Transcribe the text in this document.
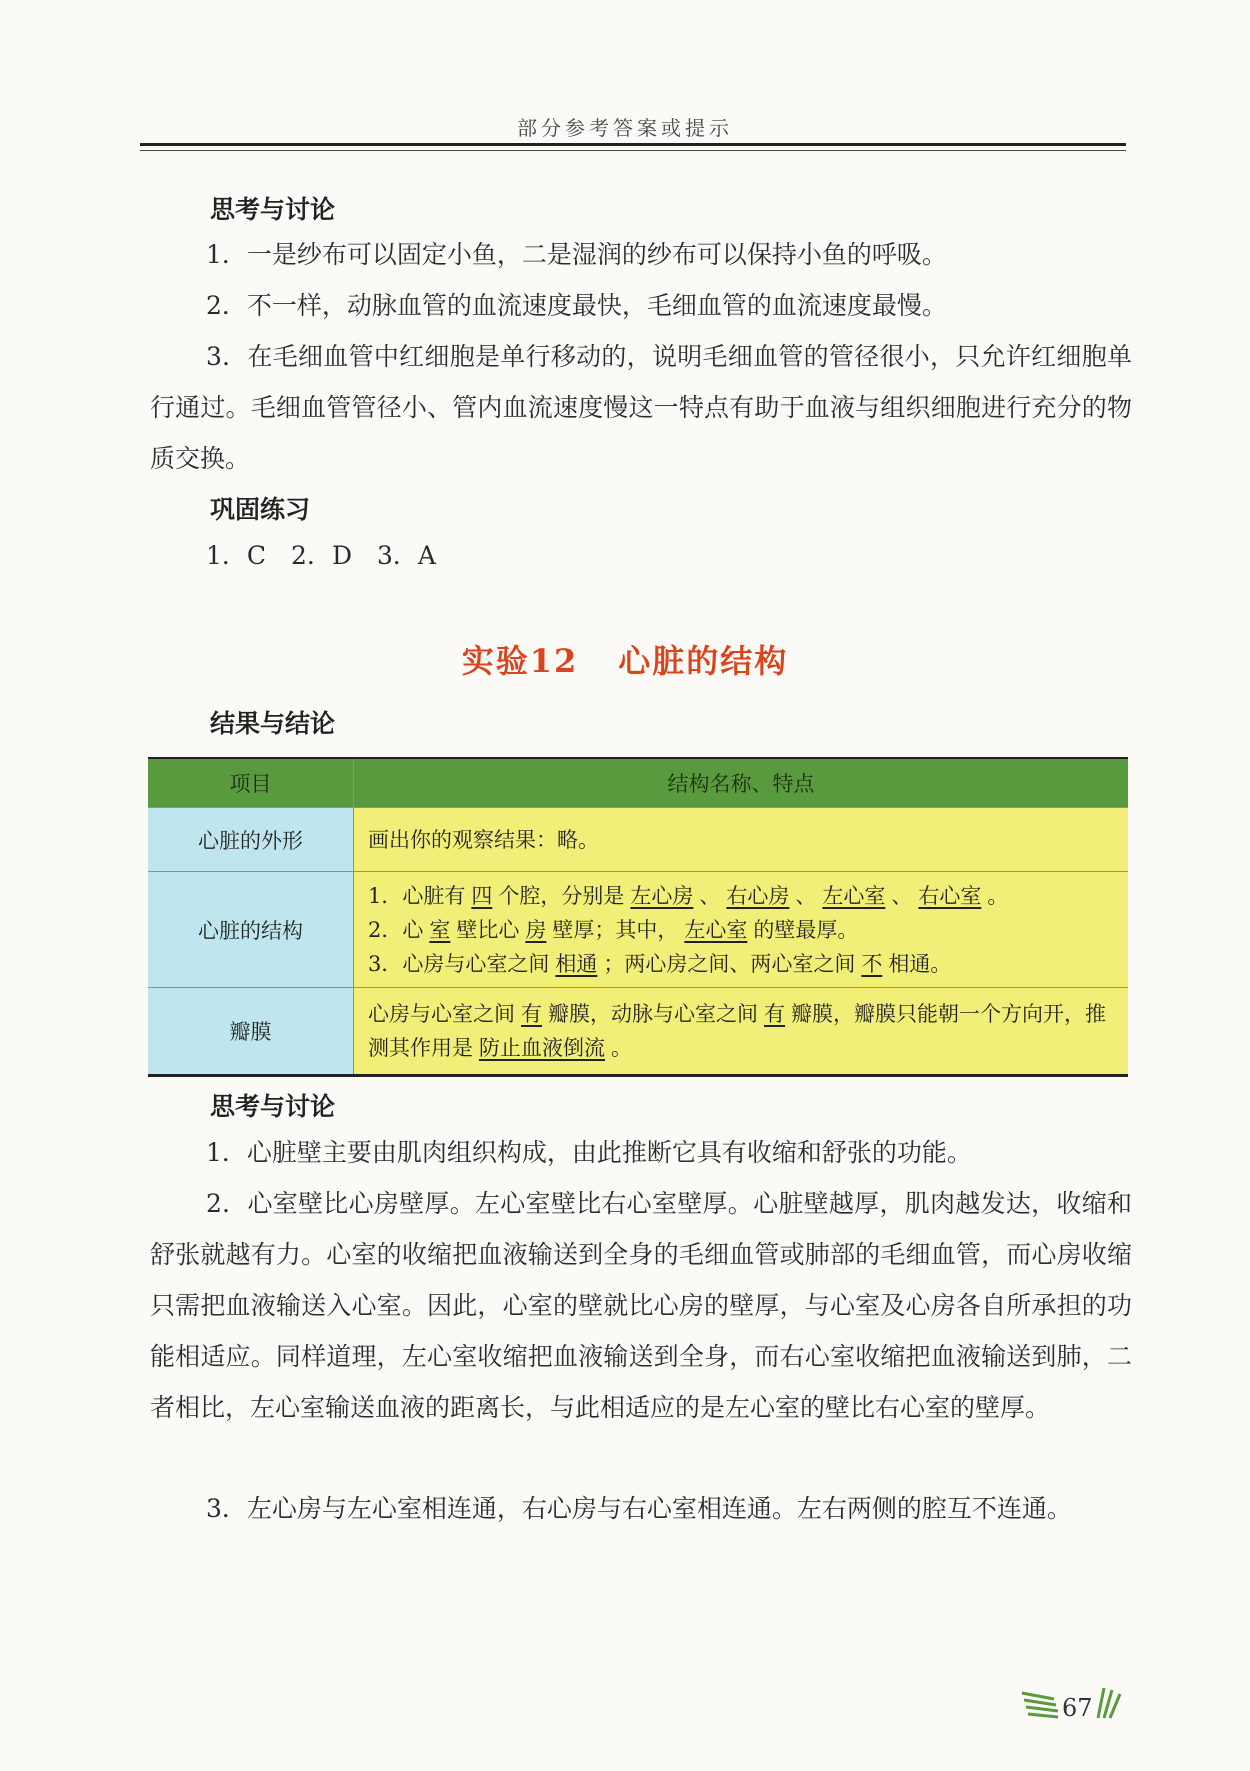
部分参考答案或提示
思考与讨论

1．一是纱布可以固定小鱼，二是湿润的纱布可以保持小鱼的呼吸。

2．不一样，动脉血管的血流速度最快，毛细血管的血流速度最慢。

3．在毛细血管中红细胞是单行移动的，说明毛细血管的管径很小，只允许红细胞单行通过。毛细血管管径小、管内血流速度慢这一特点有助于血液与组织细胞进行充分的物质交换。

巩固练习

1．C　2．D　3．A

实验12 心脏的结构
结果与结论
项目	结构名称、特点
心脏的外形	画出你的观察结果：略。
心脏的结构	1．心脏有 四 个腔，分别是 左心房 、 右心房 、 左心室 、 右心室 。
2．心 室 壁比心 房 壁厚；其中， 左心室 的壁最厚。
3．心房与心室之间 相通 ；两心房之间、两心室之间 不 相通。

瓣膜	心房与心室之间 有 瓣膜，动脉与心室之间 有 瓣膜，瓣膜只能朝一个方向开，推测其作用是 防止血液倒流 。
思考与讨论

1．心脏壁主要由肌肉组织构成，由此推断它具有收缩和舒张的功能。

2．心室壁比心房壁厚。左心室壁比右心室壁厚。心脏壁越厚，肌肉越发达，收缩和舒张就越有力。心室的收缩把血液输送到全身的毛细血管或肺部的毛细血管，而心房收缩只需把血液输送入心室。因此，心室的壁就比心房的壁厚，与心室及心房各自所承担的功能相适应。同样道理，左心室收缩把血液输送到全身，而右心室收缩把血液输送到肺，二者相比，左心室输送血液的距离长，与此相适应的是左心室的壁比右心室的壁厚。

3．左心房与左心室相连通，右心房与右心室相连通。左右两侧的腔互不连通。

67
